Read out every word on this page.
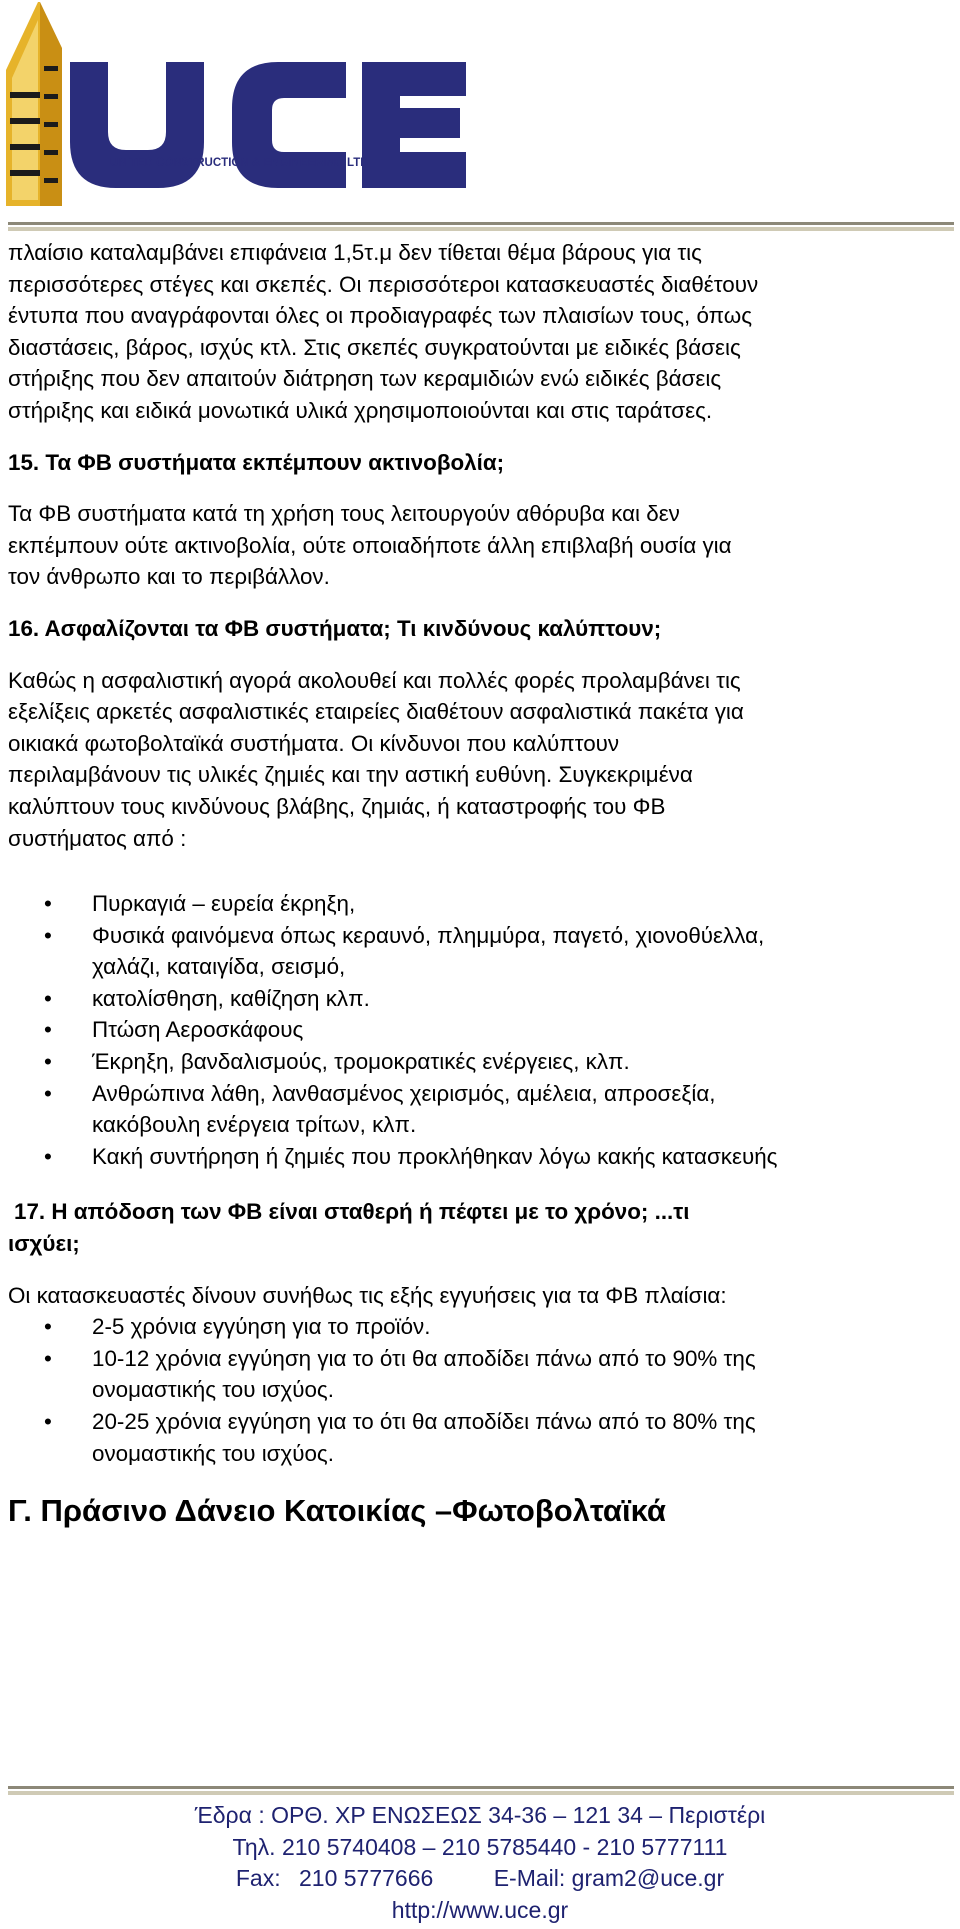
UNITED CONSTRUCTION & ENGINEERING LTD

πλαίσιο καταλαμβάνει επιφάνεια 1,5τ.μ δεν τίθεται θέμα βάρους για τις

περισσότερες στέγες και σκεπές. Οι περισσότεροι κατασκευαστές διαθέτουν

έντυπα που αναγράφονται όλες οι προδιαγραφές των πλαισίων τους, όπως

διαστάσεις, βάρος, ισχύς κτλ. Στις σκεπές συγκρατούνται με ειδικές βάσεις

στήριξης που δεν απαιτούν διάτρηση των κεραμιδιών ενώ ειδικές βάσεις

στήριξης και ειδικά μονωτικά υλικά χρησιμοποιούνται και στις ταράτσες.

15. Τα ΦΒ συστήματα εκπέμπουν ακτινοβολία;

Τα ΦΒ συστήματα κατά τη χρήση τους λειτουργούν αθόρυβα και δεν

εκπέμπουν ούτε ακτινοβολία, ούτε οποιαδήποτε άλλη επιβλαβή ουσία για

τον άνθρωπο και το περιβάλλον.

16. Ασφαλίζονται τα ΦΒ συστήματα; Τι κινδύνους καλύπτουν;

Καθώς η ασφαλιστική αγορά ακολουθεί και πολλές φορές προλαμβάνει τις

εξελίξεις αρκετές ασφαλιστικές εταιρείες διαθέτουν ασφαλιστικά πακέτα για

οικιακά φωτοβολταϊκά συστήματα. Οι κίνδυνοι που καλύπτουν

περιλαμβάνουν τις υλικές ζημιές και την αστική ευθύνη. Συγκεκριμένα

καλύπτουν τους κινδύνους βλάβης, ζημιάς, ή καταστροφής του ΦΒ

συστήματος από :

• Πυρκαγιά – ευρεία έκρηξη,
• Φυσικά φαινόμενα όπως κεραυνό, πλημμύρα, παγετό, χιονοθύελλα,
χαλάζι, καταιγίδα, σεισμό,
• κατολίσθηση, καθίζηση κλπ.
• Πτώση Αεροσκάφους
• Έκρηξη, βανδαλισμούς, τρομοκρατικές ενέργειες, κλπ.
• Ανθρώπινα λάθη, λανθασμένος χειρισμός, αμέλεια, απροσεξία,
κακόβουλη ενέργεια τρίτων, κλπ.
• Κακή συντήρηση ή ζημιές που προκλήθηκαν λόγω κακής κατασκευής
17. Η απόδοση των ΦΒ είναι σταθερή ή πέφτει με το χρόνο; ...τι
ισχύει;

Οι κατασκευαστές δίνουν συνήθως τις εξής εγγυήσεις για τα ΦΒ πλαίσια:

• 2-5 χρόνια εγγύηση για το προϊόν.
• 10-12 χρόνια εγγύηση για το ότι θα αποδίδει πάνω από το 90% της
ονομαστικής του ισχύος.
• 20-25 χρόνια εγγύηση για το ότι θα αποδίδει πάνω από το 80% της
ονομαστικής του ισχύος.
Γ. Πράσινο Δάνειο Κατοικίας –Φωτοβολταϊκά
Έδρα : ΟΡΘ. ΧΡ ΕΝΩΣΕΩΣ 34-36 – 121 34 – Περιστέρι
Τηλ. 210 5740408 – 210 5785440 - 210 5777111
Fax: 210 5777666	E-Mail: gram2@uce.gr
http://www.uce.gr
